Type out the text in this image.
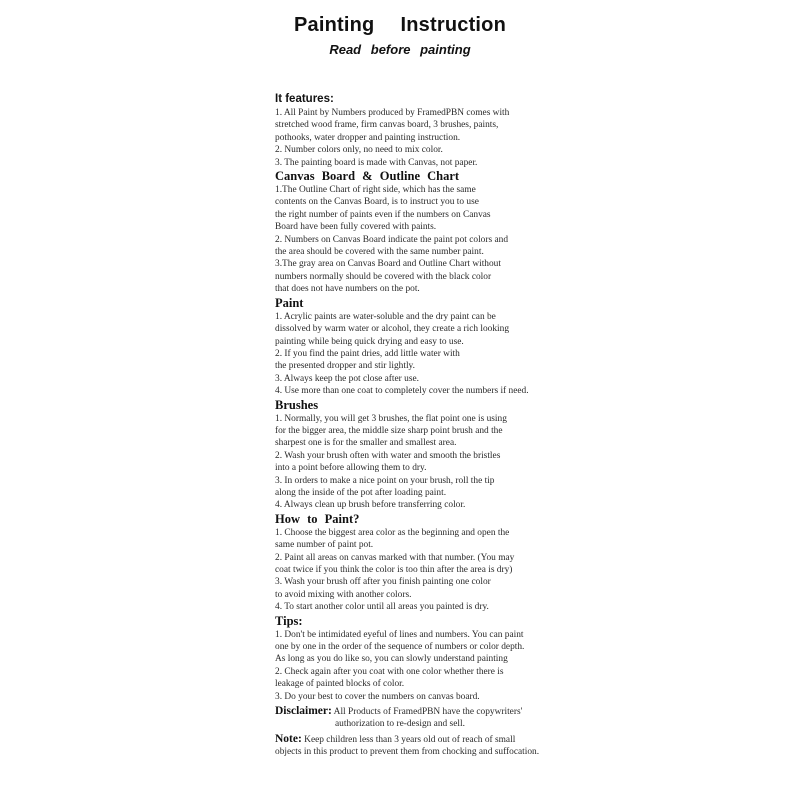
Painting Instruction
Read before painting
It features:
1. All Paint by Numbers produced by FramedPBN comes with
stretched wood frame, firm canvas board, 3 brushes, paints,
pothooks, water dropper and painting instruction.
2. Number colors only, no need to mix color.
3. The painting board is made with Canvas, not paper.
Canvas Board & Outline Chart
1.The Outline Chart of right side, which has the same
contents on the Canvas Board, is to instruct you to use
the right number of paints even if the numbers on Canvas
Board have been fully covered with paints.
2. Numbers on Canvas Board indicate the paint pot colors and
the area should be covered with the same number paint.
3.The gray area on Canvas Board and Outline Chart without
numbers normally should be covered with the black color
that does not have numbers on the pot.
Paint
1. Acrylic paints are water-soluble and the dry paint can be
dissolved by warm water or alcohol, they create a rich looking
painting while being quick drying and easy to use.
2. If you find the paint dries, add little water with
the presented dropper and stir lightly.
3. Always keep the pot close after use.
4. Use more than one coat to completely cover the numbers if need.
Brushes
1. Normally, you will get 3 brushes, the flat point one is using
for the bigger area, the middle size sharp point brush and the
sharpest one is for the smaller and smallest area.
2. Wash your brush often with water and smooth the bristles
into a point before allowing them to dry.
3. In orders to make a nice point on your brush, roll the tip
along the inside of the pot after loading paint.
4. Always clean up brush before transferring color.
How to Paint?
1. Choose the biggest area color as the beginning and open the
same number of paint pot.
2. Paint all areas on canvas marked with that number. (You may
coat twice if you think the color is too thin after the area is dry)
3. Wash your brush off after you finish painting one color
to avoid mixing with another colors.
4. To start another color until all areas you painted is dry.
Tips:
1. Don't be intimidated eyeful of lines and numbers. You can paint
one by one in the order of the sequence of numbers or color depth.
As long as you do like so, you can slowly understand painting
2. Check again after you coat with one color whether there is
leakage of painted blocks of color.
3. Do your best to cover the numbers on canvas board.
Disclaimer: All Products of FramedPBN have the copywriters'
authorization to re-design and sell.
Note: Keep children less than 3 years old out of reach of small
objects in this product to prevent them from chocking and suffocation.
